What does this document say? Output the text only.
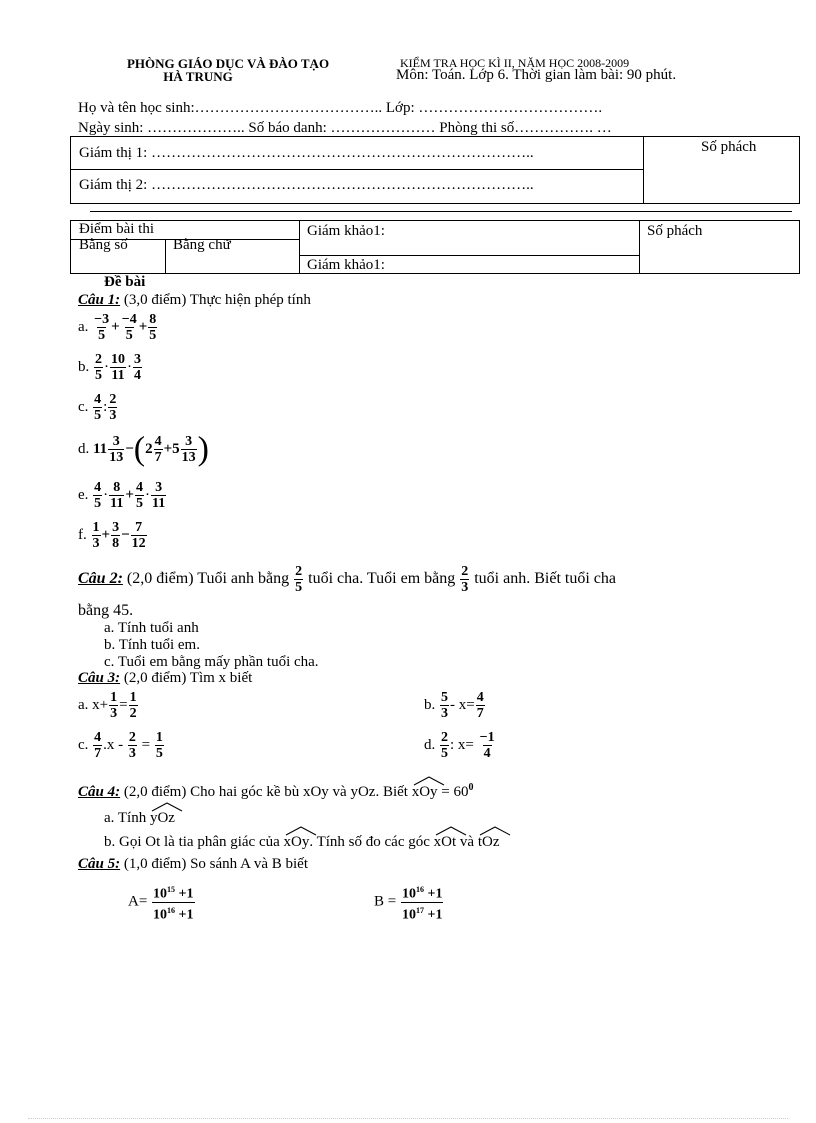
PHÒNG GIÁO DỤC VÀ ĐÀO TẠO
HÀ TRUNG
KIỂM TRA HỌC KÌ II, NĂM HỌC 2008-2009
Môn: Toán. Lớp 6. Thời gian làm bài: 90 phút.
Họ và tên học sinh:……………………………….. Lớp: ……………………………….
Ngày sinh: ……………….. Số báo danh: ………………… Phòng thi số……………. …
Giám thị 1: …………………………………………………………………..
Giám thị 2: …………………………………………………………………..
Số phách
Điểm bài thi
Bằng số	Bằng chữ
Giám khảo1:
Giám khảo1:
Số phách
Đề bài
Câu 1: (3,0 điểm) Thực hiện phép tính
a. $\frac{-3}{5} + \frac{-4}{5} + \frac{8}{5}$
b. $\frac{2}{5} \cdot \frac{10}{11} \cdot \frac{3}{4}$
c. $\frac{4}{5}$ : $\frac{2}{3}$
d. $11 \frac{3}{13} -(2 \frac{4}{7} +5 \frac{3}{13}$ )
e. $\frac{4}{5} \cdot \frac{8}{11} + \frac{4}{5} \cdot \frac{3}{11}$
f. $\frac{1}{3} + \frac{3}{8} - \frac{7}{12}$
Câu 2: (2,0 điểm) Tuổi anh bằng $\frac{2}{5}$ tuổi cha. Tuổi em bằng $\frac{2}{3}$ tuổi anh. Biết tuổi cha
bằng 45.
a. Tính tuổi anh
b. Tính tuổi em.
c. Tuổi em bằng mấy phần tuổi cha.
Câu 3: (2,0 điểm) Tìm x biết
a. $x+ \frac{1}{3} = \frac{1}{2}$	b. $\frac{5}{3} - x= \frac{4}{7}$
c. $\frac{4}{7} .x - \frac{2}{3} = \frac{1}{5}$	d. $\frac{2}{5}$ : $x= \frac{-1}{4}$
Câu 4: (2,0 điểm) Cho hai góc kề bù xOy và yOz. Biết xOy = $60^0$
a. Tính yOz
b. Gọi Ot là tia phân giác của xOy. Tính số đo các góc xOt và tOz
Câu 5: (1,0 điểm) So sánh A và B biết
$A= \frac{10^{15} +1}{10^{16} +1}$	$B = \frac{10^{16} +1}{10^{17} +1}$
